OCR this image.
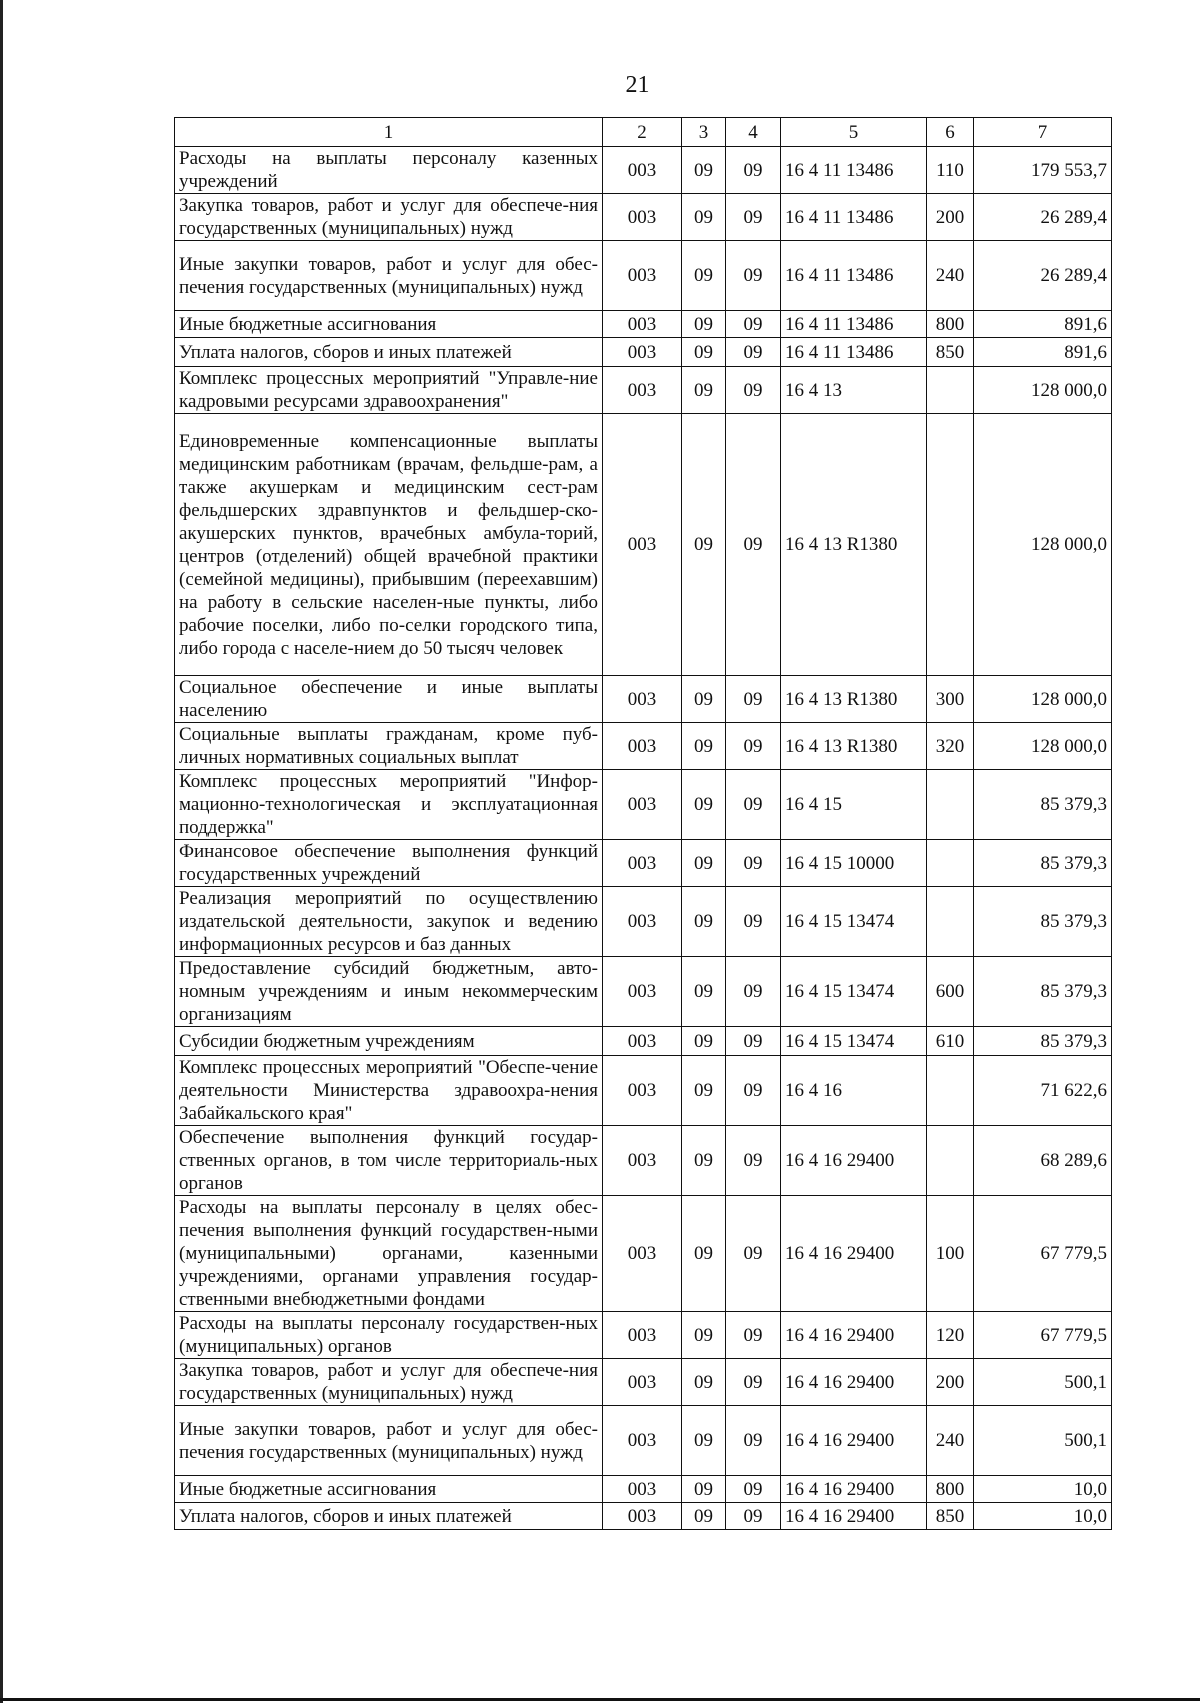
21
1	2	3	4	5	6	7
Расходы на выплаты персоналу казенных учреждений	003	09	09	16 4 11 13486	110	179 553,7
Закупка товаров, работ и услуг для обеспече-ния государственных (муниципальных) нужд	003	09	09	16 4 11 13486	200	26 289,4
Иные закупки товаров, работ и услуг для обес-печения государственных (муниципальных) нужд	003	09	09	16 4 11 13486	240	26 289,4
Иные бюджетные ассигнования	003	09	09	16 4 11 13486	800	891,6
Уплата налогов, сборов и иных платежей	003	09	09	16 4 11 13486	850	891,6
Комплекс процессных мероприятий "Управле-ние кадровыми ресурсами здравоохранения"	003	09	09	16 4 13		128 000,0
Единовременные компенсационные выплаты медицинским работникам (врачам, фельдше-рам, а также акушеркам и медицинским сест-рам фельдшерских здравпунктов и фельдшер-ско-акушерских пунктов, врачебных амбула-торий, центров (отделений) общей врачебной практики (семейной медицины), прибывшим (переехавшим) на работу в сельские населен-ные пункты, либо рабочие поселки, либо по-селки городского типа, либо города с населе-нием до 50 тысяч человек	003	09	09	16 4 13 R1380		128 000,0
Социальное обеспечение и иные выплаты населению	003	09	09	16 4 13 R1380	300	128 000,0
Социальные выплаты гражданам, кроме пуб-личных нормативных социальных выплат	003	09	09	16 4 13 R1380	320	128 000,0
Комплекс процессных мероприятий "Инфор-мационно-технологическая и эксплуатационная поддержка"	003	09	09	16 4 15		85 379,3
Финансовое обеспечение выполнения функций государственных учреждений	003	09	09	16 4 15 10000		85 379,3
Реализация мероприятий по осуществлению издательской деятельности, закупок и ведению информационных ресурсов и баз данных	003	09	09	16 4 15 13474		85 379,3
Предоставление субсидий бюджетным, авто-номным учреждениям и иным некоммерческим организациям	003	09	09	16 4 15 13474	600	85 379,3
Субсидии бюджетным учреждениям	003	09	09	16 4 15 13474	610	85 379,3
Комплекс процессных мероприятий "Обеспе-чение деятельности Министерства здравоохра-нения Забайкальского края"	003	09	09	16 4 16		71 622,6
Обеспечение выполнения функций государ-ственных органов, в том числе территориаль-ных органов	003	09	09	16 4 16 29400		68 289,6
Расходы на выплаты персоналу в целях обес-печения выполнения функций государствен-ными (муниципальными) органами, казенными учреждениями, органами управления государ-ственными внебюджетными фондами	003	09	09	16 4 16 29400	100	67 779,5
Расходы на выплаты персоналу государствен-ных (муниципальных) органов	003	09	09	16 4 16 29400	120	67 779,5
Закупка товаров, работ и услуг для обеспече-ния государственных (муниципальных) нужд	003	09	09	16 4 16 29400	200	500,1
Иные закупки товаров, работ и услуг для обес-печения государственных (муниципальных) нужд	003	09	09	16 4 16 29400	240	500,1
Иные бюджетные ассигнования	003	09	09	16 4 16 29400	800	10,0
Уплата налогов, сборов и иных платежей	003	09	09	16 4 16 29400	850	10,0
